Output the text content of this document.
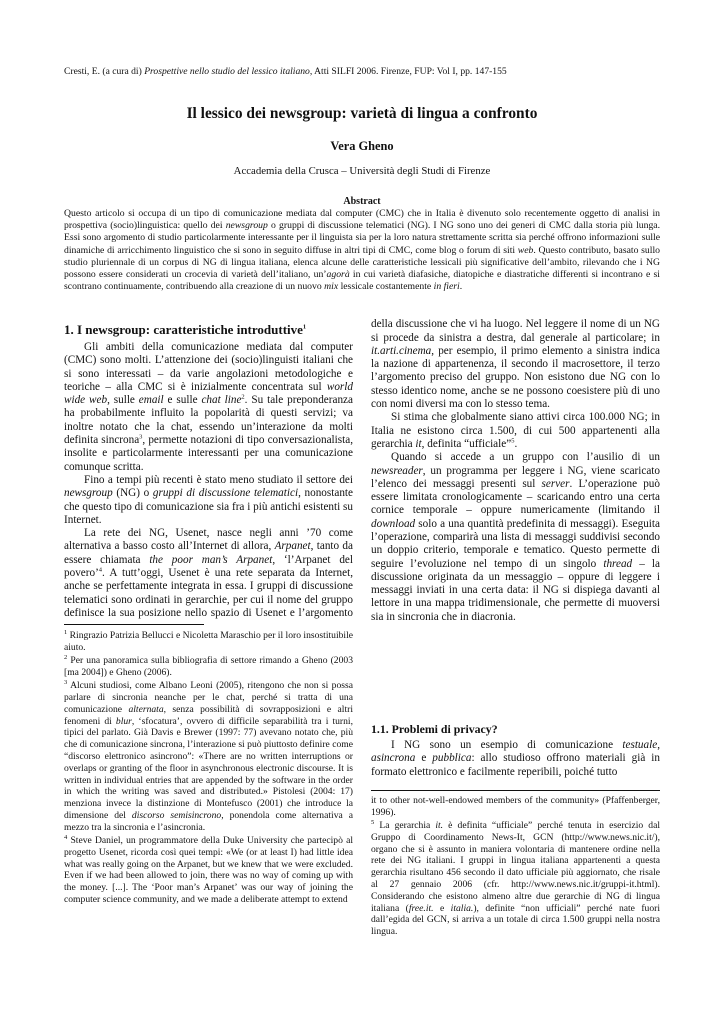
Cresti, E. (a cura di) Prospettive nello studio del lessico italiano, Atti SILFI 2006. Firenze, FUP: Vol I, pp. 147-155
Il lessico dei newsgroup: varietà di lingua a confronto
Vera Gheno
Accademia della Crusca – Università degli Studi di Firenze
Abstract
Questo articolo si occupa di un tipo di comunicazione mediata dal computer (CMC) che in Italia è divenuto solo recentemente oggetto di analisi in prospettiva (socio)linguistica: quello dei newsgroup o gruppi di discussione telematici (NG). I NG sono uno dei generi di CMC dalla storia più lunga. Essi sono argomento di studio particolarmente interessante per il linguista sia per la loro natura strettamente scritta sia perché offrono informazioni sulle dinamiche di arricchimento linguistico che si sono in seguito diffuse in altri tipi di CMC, come blog o forum di siti web. Questo contributo, basato sullo studio pluriennale di un corpus di NG di lingua italiana, elenca alcune delle caratteristiche lessicali più significative dell’ambito, rilevando che i NG possono essere considerati un crocevia di varietà dell’italiano, un’agorà in cui varietà diafasiche, diatopiche e diastratiche differenti si incontrano e si scontrano continuamente, contribuendo alla creazione di un nuovo mix lessicale costantemente in fieri.
1. I newsgroup: caratteristiche introduttive$^1$

Gli ambiti della comunicazione mediata dal computer (CMC) sono molti. L’attenzione dei (socio)linguisti italiani che si sono interessati – da varie angolazioni metodologiche e teoriche – alla CMC si è inizialmente concentrata sul world wide web, sulle email e sulle chat line$^2$. Su tale preponderanza ha probabilmente influito la popolarità di questi servizi; va inoltre notato che la chat, essendo un’interazione da molti definita sincrona$^3$, permette notazioni di tipo conversazionalista, insolite e particolarmente interessanti per una comunicazione comunque scritta.

Fino a tempi più recenti è stato meno studiato il settore dei newsgroup (NG) o gruppi di discussione telematici, nonostante che questo tipo di comunicazione sia fra i più antichi esistenti su Internet.

La rete dei NG, Usenet, nasce negli anni ’70 come alternativa a basso costo all’Internet di allora, Arpanet, tanto da essere chiamata the poor man’s Arpanet, ‘l’Arpanet del povero’$^4$. A tutt’oggi, Usenet è una rete separata da Internet, anche se perfettamente integrata in essa. I gruppi di discussione telematici sono ordinati in gerarchie, per cui il nome del gruppo definisce la sua posizione nello spazio di Usenet e l’argomento

1.1. Problemi di privacy?

I NG sono un esempio di comunicazione testuale, asincrona e pubblica: allo studioso offrono materiali già in formato elettronico e facilmente reperibili, poiché tutto

$^1$ Ringrazio Patrizia Bellucci e Nicoletta Maraschio per il loro insostituibile aiuto.

$^2$ Per una panoramica sulla bibliografia di settore rimando a Gheno (2003 [ma 2004]) e Gheno (2006).

$^3$ Alcuni studiosi, come Albano Leoni (2005), ritengono che non si possa parlare di sincronia neanche per le chat, perché si tratta di una comunicazione alternata, senza possibilità di sovrapposizioni e altri fenomeni di blur, ‘sfocatura’, ovvero di difficile separabilità tra i turni, tipici del parlato. Già Davis e Brewer (1997: 77) avevano notato che, più che di comunicazione sincrona, l’interazione si può piuttosto definire come “discorso elettronico asincrono”: «There are no written interruptions or overlaps or granting of the floor in asynchronous electronic discourse. It is written in individual entries that are appended by the software in the order in which the writing was saved and distributed.» Pistolesi (2004: 17) menziona invece la distinzione di Montefusco (2001) che introduce la dimensione del discorso semisincrono, ponendola come alternativa a mezzo tra la sincronia e l’asincronia.

$^4$ Steve Daniel, un programmatore della Duke University che partecipò al progetto Usenet, ricorda così quei tempi: «We (or at least I) had little idea what was really going on the Arpanet, but we knew that we were excluded. Even if we had been allowed to join, there was no way of coming up with the money. [...]. The ‘Poor man’s Arpanet’ was our way of joining the computer science community, and we made a deliberate attempt to extend

it to other not-well-endowed members of the community» (Pfaffenberger, 1996).

$^5$ La gerarchia it. è definita “ufficiale” perché tenuta in esercizio dal Gruppo di Coordinamento News-It, GCN (http://www.news.nic.it/), organo che si è assunto in maniera volontaria di mantenere ordine nella rete dei NG italiani. I gruppi in lingua italiana appartenenti a questa gerarchia risultano 456 secondo il dato ufficiale più aggiornato, che risale al 27 gennaio 2006 (cfr. http://www.news.nic.it/gruppi-it.html). Considerando che esistono almeno altre due gerarchie di NG di lingua italiana (free.it. e italia.), definite “non ufficiali” perché nate fuori dall’egida del GCN, si arriva a un totale di circa 1.500 gruppi nella nostra lingua.

della discussione che vi ha luogo. Nel leggere il nome di un NG si procede da sinistra a destra, dal generale al particolare; in it.arti.cinema, per esempio, il primo elemento a sinistra indica la nazione di appartenenza, il secondo il macrosettore, il terzo l’argomento preciso del gruppo. Non esistono due NG con lo stesso identico nome, anche se ne possono coesistere più di uno con nomi diversi ma con lo stesso tema.

Si stima che globalmente siano attivi circa 100.000 NG; in Italia ne esistono circa 1.500, di cui 500 appartenenti alla gerarchia it, definita “ufficiale”$^5$.

Quando si accede a un gruppo con l’ausilio di un newsreader, un programma per leggere i NG, viene scaricato l’elenco dei messaggi presenti sul server. L’operazione può essere limitata cronologicamente – scaricando entro una certa cornice temporale – oppure numericamente (limitando il download solo a una quantità predefinita di messaggi). Eseguita l’operazione, comparirà una lista di messaggi suddivisi secondo un doppio criterio, temporale e tematico. Questo permette di seguire l’evoluzione nel tempo di un singolo thread – la discussione originata da un messaggio – oppure di leggere i messaggi inviati in una certa data: il NG si dispiega davanti al lettore in una mappa tridimensionale, che permette di muoversi sia in sincronia che in diacronia.
